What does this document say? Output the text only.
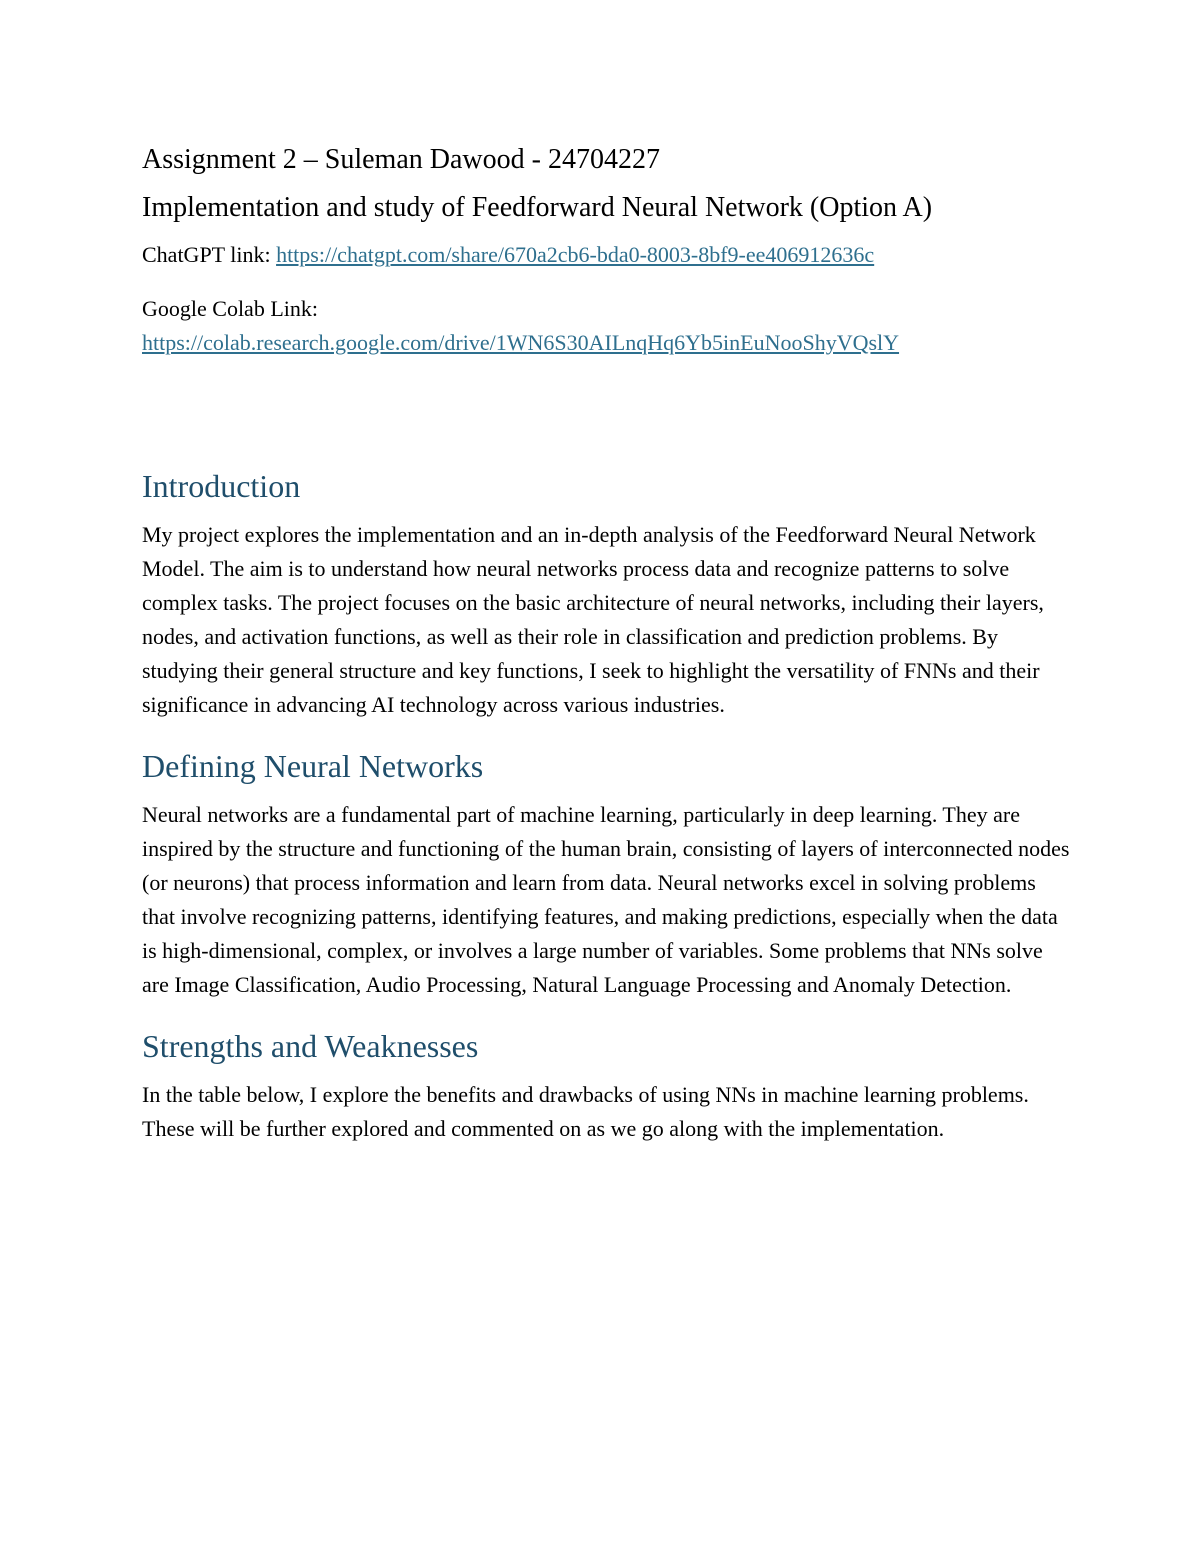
Assignment 2 – Suleman Dawood - 24704227
Implementation and study of Feedforward Neural Network (Option A)
ChatGPT link: https://chatgpt.com/share/670a2cb6-bda0-8003-8bf9-ee406912636c
Google Colab Link:
https://colab.research.google.com/drive/1WN6S30AILnqHq6Yb5inEuNooShyVQslY
Introduction

My project explores the implementation and an in-depth analysis of the Feedforward Neural Network Model. The aim is to understand how neural networks process data and recognize patterns to solve complex tasks. The project focuses on the basic architecture of neural networks, including their layers, nodes, and activation functions, as well as their role in classification and prediction problems. By studying their general structure and key functions, I seek to highlight the versatility of FNNs and their significance in advancing AI technology across various industries.

Defining Neural Networks

Neural networks are a fundamental part of machine learning, particularly in deep learning. They are inspired by the structure and functioning of the human brain, consisting of layers of interconnected nodes (or neurons) that process information and learn from data. Neural networks excel in solving problems that involve recognizing patterns, identifying features, and making predictions, especially when the data is high-dimensional, complex, or involves a large number of variables. Some problems that NNs solve are Image Classification, Audio Processing, Natural Language Processing and Anomaly Detection.

Strengths and Weaknesses

In the table below, I explore the benefits and drawbacks of using NNs in machine learning problems. These will be further explored and commented on as we go along with the implementation.
